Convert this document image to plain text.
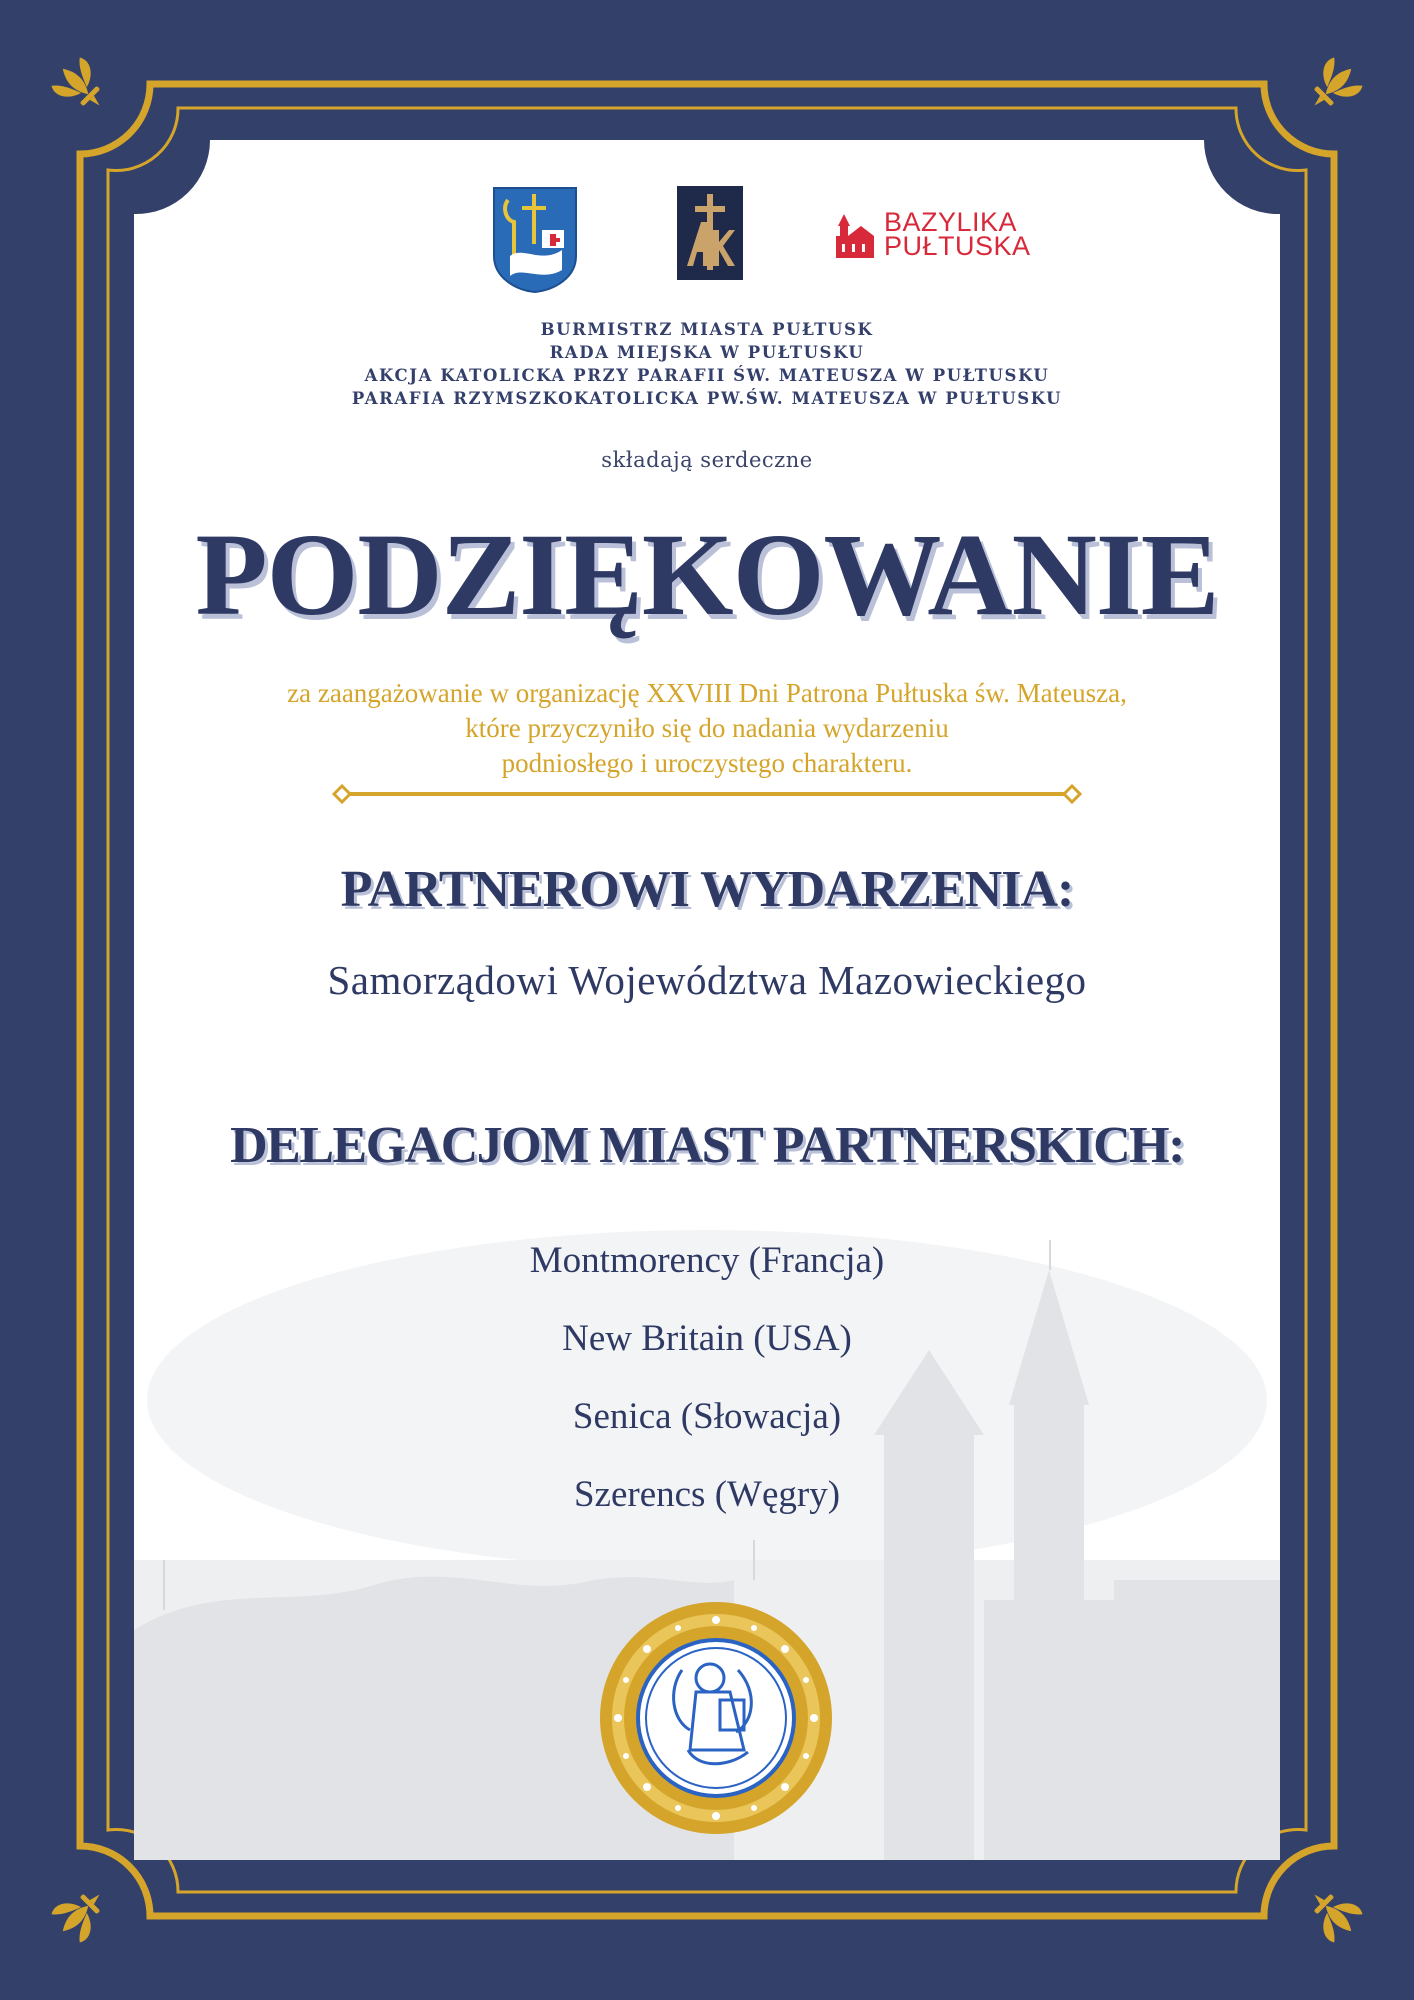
BAZYLIKA
PUŁTUSKA
BURMISTRZ MIASTA PUŁTUSK
RADA MIEJSKA W PUŁTUSKU
AKCJA KATOLICKA PRZY PARAFII ŚW. MATEUSZA W PUŁTUSKU
PARAFIA RZYMSZKOKATOLICKA PW.ŚW. MATEUSZA W PUŁTUSKU
składają serdeczne
PODZIĘKOWANIE
za zaangażowanie w organizację XXVIII Dni Patrona Pułtuska św. Mateusza,
które przyczyniło się do nadania wydarzeniu
podniosłego i uroczystego charakteru.
PARTNEROWI WYDARZENIA:
Samorządowi Województwa Mazowieckiego
DELEGACJOM MIAST PARTNERSKICH:
Montmorency (Francja)
New Britain (USA)
Senica (Słowacja)
Szerencs (Węgry)
